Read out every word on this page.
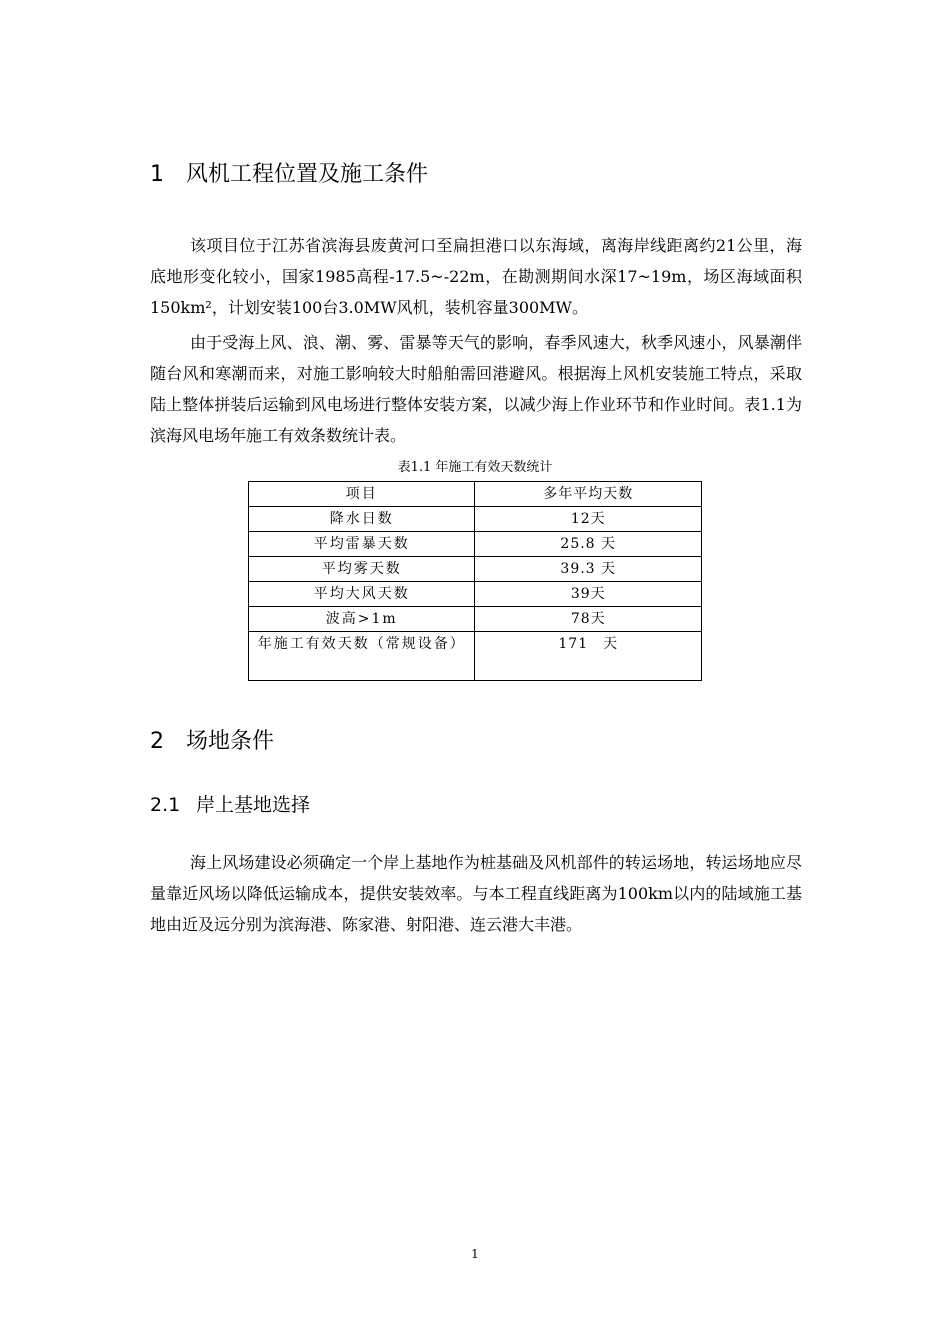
1 风机工程位置及施工条件

该项目位于江苏省滨海县废黄河口至扁担港口以东海域，离海岸线距离约21公里，海底地形变化较小，国家1985高程-17.5~-22m，在勘测期间水深17~19m，场区海域面积150km²，计划安装100台3.0MW风机，装机容量300MW。

由于受海上风、浪、潮、雾、雷暴等天气的影响，春季风速大，秋季风速小，风暴潮伴随台风和寒潮而来，对施工影响较大时船舶需回港避风。根据海上风机安装施工特点，采取陆上整体拼装后运输到风电场进行整体安装方案，以减少海上作业环节和作业时间。表1.1为滨海风电场年施工有效条数统计表。

表1.1 年施工有效天数统计
项目	多年平均天数
降水日数	12天
平均雷暴天数	25.8 天
平均雾天数	39.3 天
平均大风天数	39天
波高>1m	78天
年施工有效天数（常规设备）	171　天
2 场地条件
2.1 岸上基地选择

海上风场建设必须确定一个岸上基地作为桩基础及风机部件的转运场地，转运场地应尽量靠近风场以降低运输成本，提供安装效率。与本工程直线距离为100km以内的陆域施工基地由近及远分别为滨海港、陈家港、射阳港、连云港大丰港。

1
